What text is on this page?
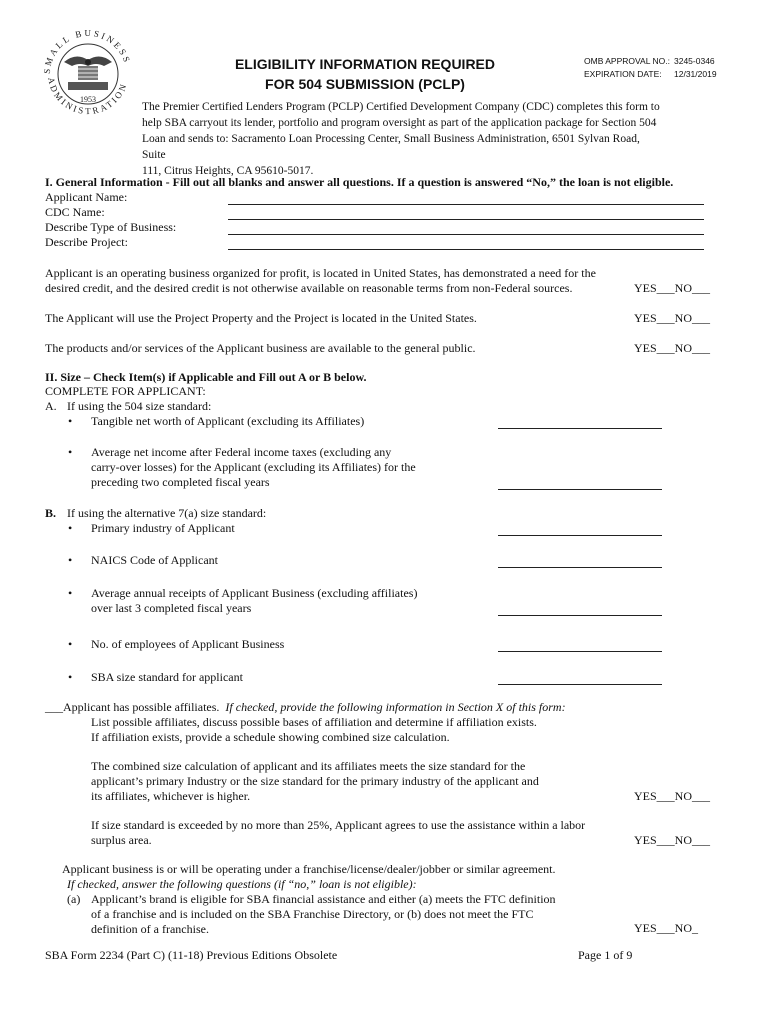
SMALL BUSINESS
ADMINISTRATION
1953
ELIGIBILITY INFORMATION REQUIRED
FOR 504 SUBMISSION (PCLP)
OMB APPROVAL NO.: 3245-0346
EXPIRATION DATE: 12/31/2019
The Premier Certified Lenders Program (PCLP) Certified Development Company (CDC) completes this form to
help SBA carryout its lender, portfolio and program oversight as part of the application package for Section 504
Loan and sends to: Sacramento Loan Processing Center, Small Business Administration, 6501 Sylvan Road, Suite
111, Citrus Heights, CA 95610-5017.
I. General Information - Fill out all blanks and answer all questions. If a question is answered “No,” the loan is not eligible.
Applicant Name:
CDC Name:
Describe Type of Business:
Describe Project:
Applicant is an operating business organized for profit, is located in United States, has demonstrated a need for the
desired credit, and the desired credit is not otherwise available on reasonable terms from non-Federal sources.	YES___NO___
The Applicant will use the Project Property and the Project is located in the United States.	YES___NO___
The products and/or services of the Applicant business are available to the general public.	YES___NO___
II. Size – Check Item(s) if Applicable and Fill out A or B below.
COMPLETE FOR APPLICANT:
A. If using the 504 size standard:
• Tangible net worth of Applicant (excluding its Affiliates)
• Average net income after Federal income taxes (excluding any
carry-over losses) for the Applicant (excluding its Affiliates) for the
preceding two completed fiscal years
B. If using the alternative 7(a) size standard:
• Primary industry of Applicant
• NAICS Code of Applicant
• Average annual receipts of Applicant Business (excluding affiliates)
over last 3 completed fiscal years
• No. of employees of Applicant Business
• SBA size standard for applicant
___Applicant has possible affiliates. If checked, provide the following information in Section X of this form:
List possible affiliates, discuss possible bases of affiliation and determine if affiliation exists.
If affiliation exists, provide a schedule showing combined size calculation.
The combined size calculation of applicant and its affiliates meets the size standard for the
applicant’s primary Industry or the size standard for the primary industry of the applicant and
its affiliates, whichever is higher.	YES___NO___
If size standard is exceeded by no more than 25%, Applicant agrees to use the assistance within a labor
surplus area.	YES___NO___
Applicant business is or will be operating under a franchise/license/dealer/jobber or similar agreement.
If checked, answer the following questions (if “no,” loan is not eligible):
(a) Applicant’s brand is eligible for SBA financial assistance and either (a) meets the FTC definition
of a franchise and is included on the SBA Franchise Directory, or (b) does not meet the FTC
definition of a franchise.	YES___NO_
SBA Form 2234 (Part C) (11-18) Previous Editions Obsolete	Page 1 of 9
